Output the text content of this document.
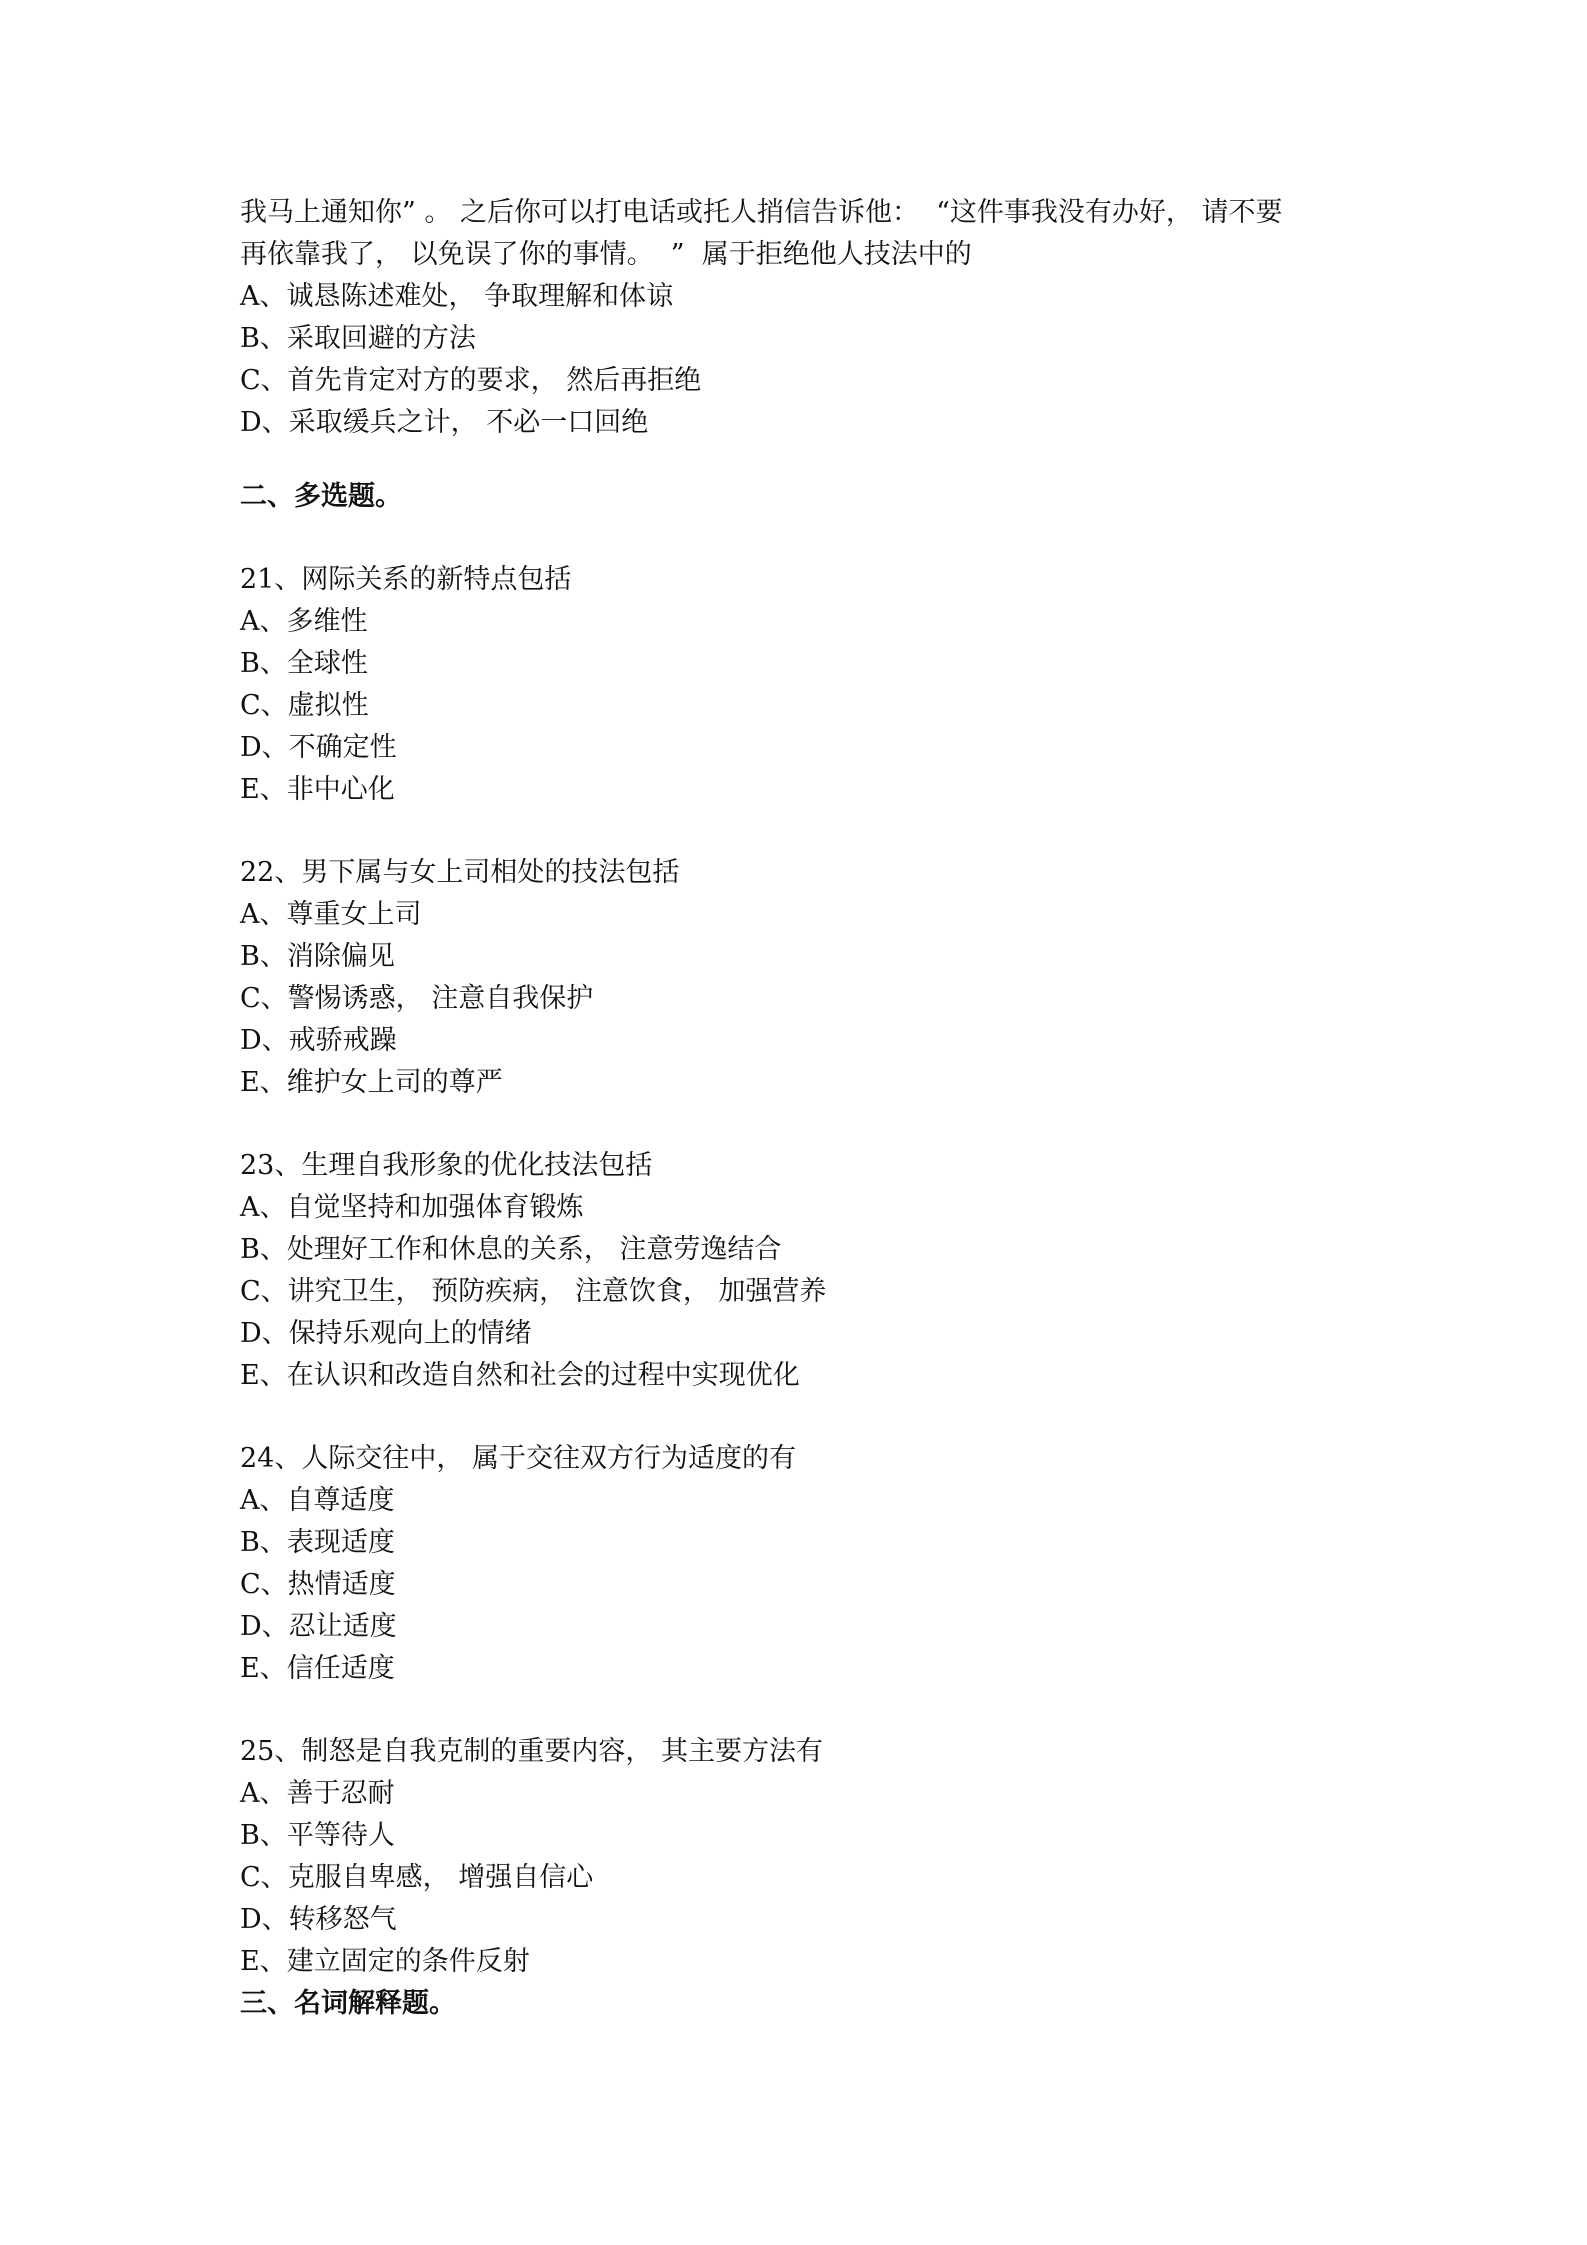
我马上通知你” 。 之后你可以打电话或托人捎信告诉他：  “这件事我没有办好， 请不要
再依靠我了， 以免误了你的事情。  ”  属于拒绝他人技法中的
A、诚恳陈述难处， 争取理解和体谅
B、采取回避的方法
C、首先肯定对方的要求， 然后再拒绝
D、采取缓兵之计， 不必一口回绝
二、多选题。
21、网际关系的新特点包括
A、多维性
B、全球性
C、虚拟性
D、不确定性
E、非中心化
22、男下属与女上司相处的技法包括
A、尊重女上司
B、消除偏见
C、警惕诱惑， 注意自我保护
D、戒骄戒躁
E、维护女上司的尊严
23、生理自我形象的优化技法包括
A、自觉坚持和加强体育锻炼
B、处理好工作和休息的关系， 注意劳逸结合
C、讲究卫生， 预防疾病， 注意饮食， 加强营养
D、保持乐观向上的情绪
E、在认识和改造自然和社会的过程中实现优化
24、人际交往中， 属于交往双方行为适度的有
A、自尊适度
B、表现适度
C、热情适度
D、忍让适度
E、信任适度
25、制怒是自我克制的重要内容， 其主要方法有
A、善于忍耐
B、平等待人
C、克服自卑感， 增强自信心
D、转移怒气
E、建立固定的条件反射
三、名词解释题。
